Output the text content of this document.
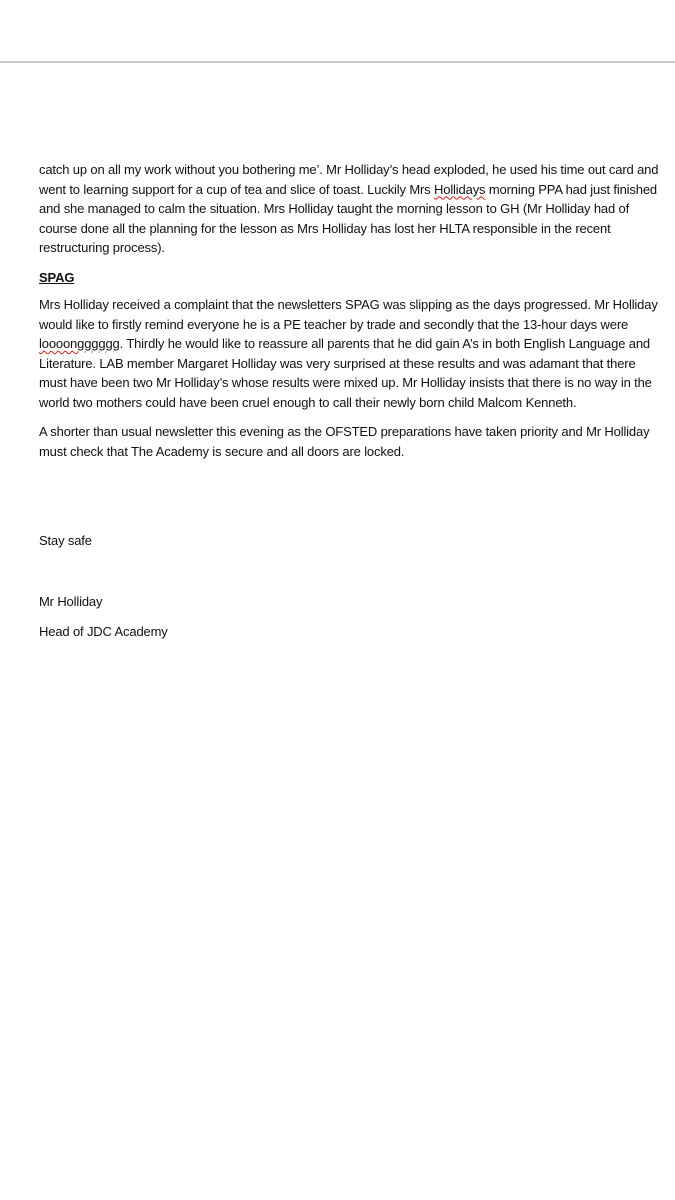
catch up on all my work without you bothering me’. Mr Holliday’s head exploded, he used his time out card and went to learning support for a cup of tea and slice of toast. Luckily Mrs Hollidays morning PPA had just finished and she managed to calm the situation. Mrs Holliday taught the morning lesson to GH (Mr Holliday had of course done all the planning for the lesson as Mrs Holliday has lost her HLTA responsible in the recent restructuring process).

SPAG

Mrs Holliday received a complaint that the newsletters SPAG was slipping as the days progressed. Mr Holliday would like to firstly remind everyone he is a PE teacher by trade and secondly that the 13-hour days were loooongggggg. Thirdly he would like to reassure all parents that he did gain A’s in both English Language and Literature. LAB member Margaret Holliday was very surprised at these results and was adamant that there must have been two Mr Holliday’s whose results were mixed up. Mr Holliday insists that there is no way in the world two mothers could have been cruel enough to call their newly born child Malcom Kenneth.

A shorter than usual newsletter this evening as the OFSTED preparations have taken priority and Mr Holliday must check that The Academy is secure and all doors are locked.

Stay safe
Mr Holliday
Head of JDC Academy
